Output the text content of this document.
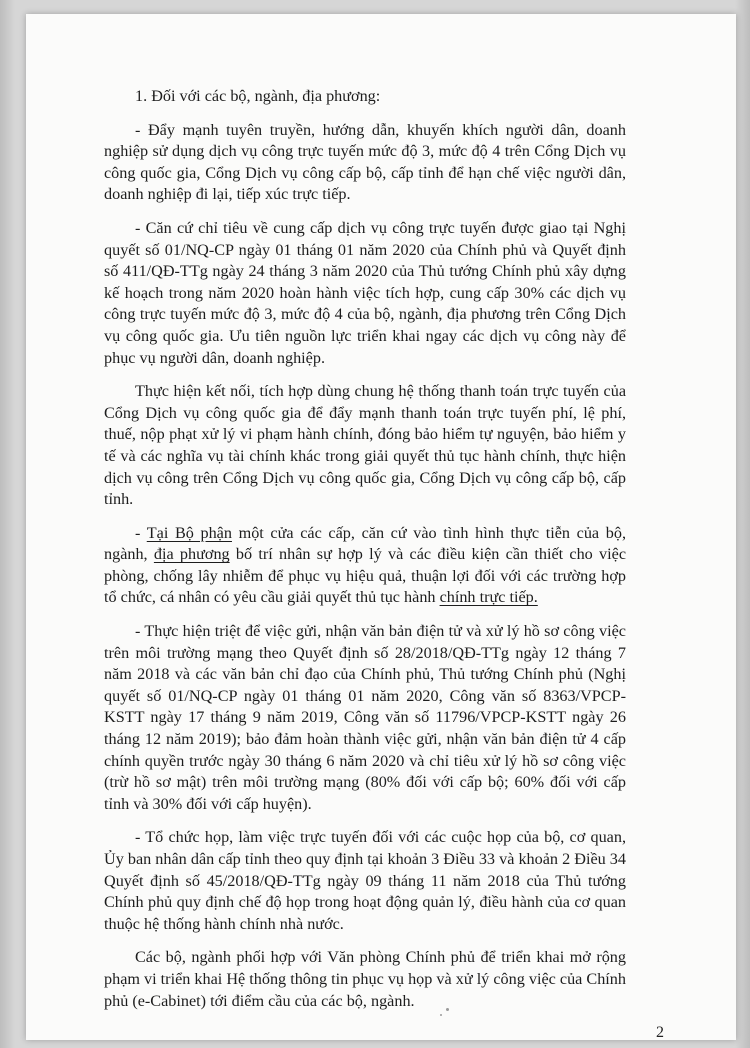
1. Đối với các bộ, ngành, địa phương:

- Đẩy mạnh tuyên truyền, hướng dẫn, khuyến khích người dân, doanh nghiệp sử dụng dịch vụ công trực tuyến mức độ 3, mức độ 4 trên Cổng Dịch vụ công quốc gia, Cổng Dịch vụ công cấp bộ, cấp tỉnh để hạn chế việc người dân, doanh nghiệp đi lại, tiếp xúc trực tiếp.

- Căn cứ chỉ tiêu về cung cấp dịch vụ công trực tuyến được giao tại Nghị quyết số 01/NQ-CP ngày 01 tháng 01 năm 2020 của Chính phủ và Quyết định số 411/QĐ-TTg ngày 24 tháng 3 năm 2020 của Thủ tướng Chính phủ xây dựng kế hoạch trong năm 2020 hoàn hành việc tích hợp, cung cấp 30% các dịch vụ công trực tuyến mức độ 3, mức độ 4 của bộ, ngành, địa phương trên Cổng Dịch vụ công quốc gia. Ưu tiên nguồn lực triển khai ngay các dịch vụ công này để phục vụ người dân, doanh nghiệp.

Thực hiện kết nối, tích hợp dùng chung hệ thống thanh toán trực tuyến của Cổng Dịch vụ công quốc gia để đẩy mạnh thanh toán trực tuyến phí, lệ phí, thuế, nộp phạt xử lý vi phạm hành chính, đóng bảo hiểm tự nguyện, bảo hiểm y tế và các nghĩa vụ tài chính khác trong giải quyết thủ tục hành chính, thực hiện dịch vụ công trên Cổng Dịch vụ công quốc gia, Cổng Dịch vụ công cấp bộ, cấp tỉnh.

- Tại Bộ phận một cửa các cấp, căn cứ vào tình hình thực tiễn của bộ, ngành, địa phương bố trí nhân sự hợp lý và các điều kiện cần thiết cho việc phòng, chống lây nhiễm để phục vụ hiệu quả, thuận lợi đối với các trường hợp tổ chức, cá nhân có yêu cầu giải quyết thủ tục hành chính trực tiếp.

- Thực hiện triệt để việc gửi, nhận văn bản điện tử và xử lý hồ sơ công việc trên môi trường mạng theo Quyết định số 28/2018/QĐ-TTg ngày 12 tháng 7 năm 2018 và các văn bản chỉ đạo của Chính phủ, Thủ tướng Chính phủ (Nghị quyết số 01/NQ-CP ngày 01 tháng 01 năm 2020, Công văn số 8363/VPCP-KSTT ngày 17 tháng 9 năm 2019, Công văn số 11796/VPCP-KSTT ngày 26 tháng 12 năm 2019); bảo đảm hoàn thành việc gửi, nhận văn bản điện tử 4 cấp chính quyền trước ngày 30 tháng 6 năm 2020 và chỉ tiêu xử lý hồ sơ công việc (trừ hồ sơ mật) trên môi trường mạng (80% đối với cấp bộ; 60% đối với cấp tỉnh và 30% đối với cấp huyện).

- Tổ chức họp, làm việc trực tuyến đối với các cuộc họp của bộ, cơ quan, Ủy ban nhân dân cấp tỉnh theo quy định tại khoản 3 Điều 33 và khoản 2 Điều 34 Quyết định số 45/2018/QĐ-TTg ngày 09 tháng 11 năm 2018 của Thủ tướng Chính phủ quy định chế độ họp trong hoạt động quản lý, điều hành của cơ quan thuộc hệ thống hành chính nhà nước.

Các bộ, ngành phối hợp với Văn phòng Chính phủ để triển khai mở rộng phạm vi triển khai Hệ thống thông tin phục vụ họp và xử lý công việc của Chính phủ (e-Cabinet) tới điểm cầu của các bộ, ngành.

2
